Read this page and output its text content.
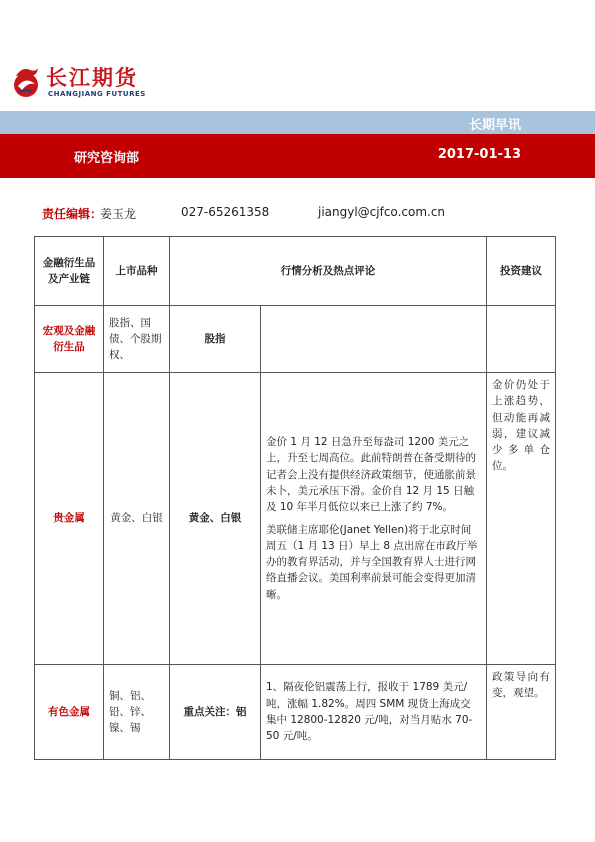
长江期货
CHANGJIANG FUTURES
长期早讯
研究咨询部	2017-01-13
责任编辑：
姜玉龙	027-65261358	jiangyl@cjfco.com.cn
金融衍生品及产业链	上市品种	行情分析及热点评论		投资建议
宏观及金融衍生品	股指、国债、个股期权、	股指		
贵金属	黄金、白银	黄金、白银	金价 1 月 12 日急升至每盎司 1200 美元之上，升至七周高位。此前特朗普在备受期待的记者会上没有提供经济政策细节，使通胀前景未卜，美元承压下滑。金价自 12 月 15 日触及 10 年半月低位以来已上涨了约 7%。

美联储主席耶伦(Janet Yellen)将于北京时间周五（1 月 13 日）早上 8 点出席在市政厅举办的教育界活动，并与全国教育界人士进行网络直播会议。美国利率前景可能会变得更加清晰。	金价仍处于上涨趋势，但动能再减弱，建议减少多单仓位。
有色金属	铜、铝、铅、锌、镍、锡	重点关注：铝	1、隔夜伦铝震荡上行，报收于 1789 美元/吨，涨幅 1.82%。周四 SMM 现货上海成交集中 12800-12820 元/吨，对当月贴水 70-50 元/吨。	政策导向有变，观望。
